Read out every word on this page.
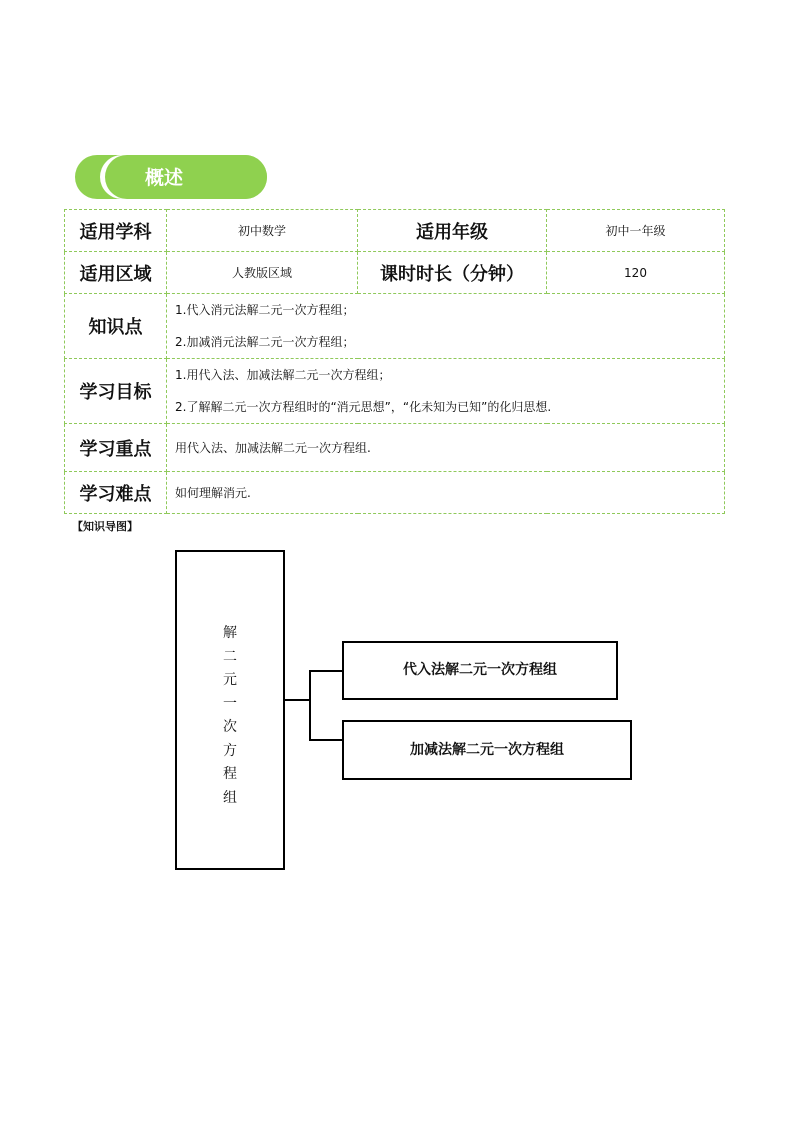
概述
适用学科	初中数学	适用年级	初中一年级
适用区域	人教版区域	课时时长（分钟）	120
知识点	1.代入消元法解二元一次方程组；
2.加减消元法解二元一次方程组；		

学习目标	1.用代入法、加减法解二元一次方程组；
2.了解解二元一次方程组时的“消元思想”，“化未知为已知”的化归思想.		

学习重点	用代入法、加减法解二元一次方程组.		
学习难点	如何理解消元.		
【知识导图】
解
二
元
一
次
方
程
组
代入法解二元一次方程组
加减法解二元一次方程组
